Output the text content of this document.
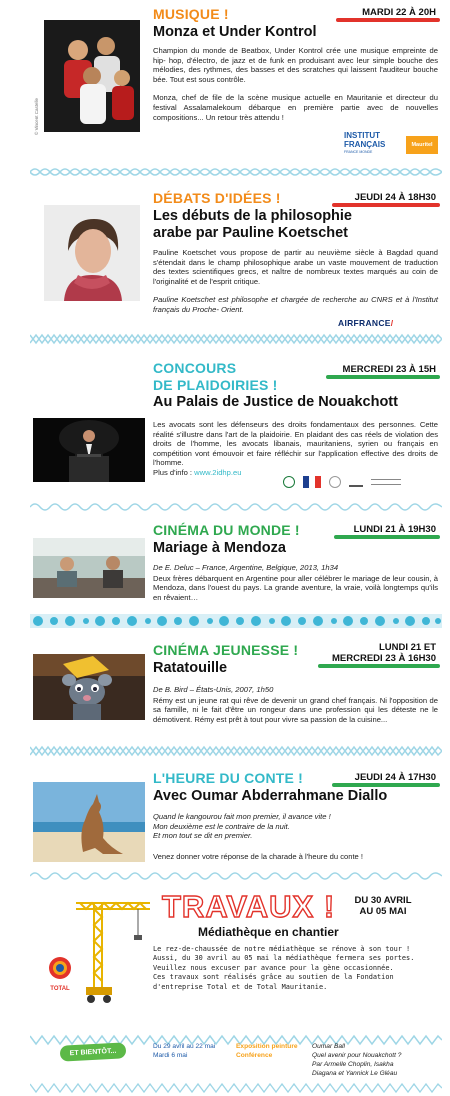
© Vincent Castelle
MUSIQUE !	MARDI 22 À 20H
Monza et Under Kontrol

Champion du monde de Beatbox, Under Kontrol crée une musique empreinte de hip- hop, d'électro, de jazz et de funk en produisant avec leur simple bouche des mélodies, des rythmes, des basses et des scratches qui laissent l'auditeur bouche bée. Tout est sous contrôle.

Monza, chef de file de la scène musique actuelle en Mauritanie et directeur du festival Assalamalekoum débarque en première partie avec de nouvelles compositions... Un retour très attendu !

INSTITUT FRANÇAIS
FRANCE MONDE
Mauritel
DÉBATS D'IDÉES !	JEUDI 24 À 18H30
Les débuts de la philosophie
arabe par Pauline Koetschet

Pauline Koetschet vous propose de partir au neuvième siècle à Bagdad quand s'étendait dans le champ philosophique arabe un vaste mouvement de traduction des textes scientifiques grecs, et naître de nombreux textes marqués au coin de l'originalité et de l'esprit critique.

Pauline Koetschet est philosophe et chargée de recherche au CNRS et à l'Institut français du Proche- Orient.

AIRFRANCE/
CONCOURS
DE PLAIDOIRIES !
MERCREDI 23 À 15H
Au Palais de Justice de Nouakchott

Les avocats sont les défenseurs des droits fondamentaux des personnes. Cette réalité s'illustre dans l'art de la plaidoirie. En plaidant des cas réels de violation des droits de l'homme, les avocats libanais, mauritaniens, syrien ou français en compétition vont émouvoir et faire réfléchir sur l'application effective des droits de l'homme.

Plus d'info : www.2idhp.eu
CINÉMA DU MONDE !	LUNDI 21 À 19H30
Mariage à Mendoza

De E. Deluc – France, Argentine, Belgique, 2013, 1h34

Deux frères débarquent en Argentine pour aller célébrer le mariage de leur cousin, à Mendoza, dans l'ouest du pays. La grande aventure, la vraie, voilà longtemps qu'ils en rêvaient…

CINÉMA JEUNESSE !	LUNDI 21 ET
MERCREDI 23 À 16H30
Ratatouille

De B. Bird – États-Unis, 2007, 1h50

Rémy est un jeune rat qui rêve de devenir un grand chef français. Ni l'opposition de sa famille, ni le fait d'être un rongeur dans une profession qui les déteste ne le démotivent. Rémy est prêt à tout pour vivre sa passion de la cuisine...

L'HEURE DU CONTE !	JEUDI 24 À 17H30
Avec Oumar Abderrahmane Diallo
Quand le kangourou fait mon premier, il avance vite !
Mon deuxième est le contraire de la nuit.
Et mon tout se dit en premier.
Venez donner votre réponse de la charade à l'heure du conte !
TOTAL
TRAVAUX !
Médiathèque en chantier
DU 30 AVRIL
AU 05 MAI
Le rez-de-chaussée de notre médiathèque se rénove à son tour ! Aussi, du 30 avril au 05 mai la médiathèque fermera ses portes. Veuillez nous excuser par avance pour la gène occasionnée.
Ces travaux sont réalisés grâce au soutien de la Fondation d'entreprise Total et de Total Mauritanie.
ET BIENTÔT...
Du 29 avril au 22 mai
Mardi 6 mai
Exposition peinture
Conférence
Oumar Ball
Quel avenir pour Nouakchott ?
Par Armelle Choplin, Isakha
Diagana et Yannick Le Gléau
